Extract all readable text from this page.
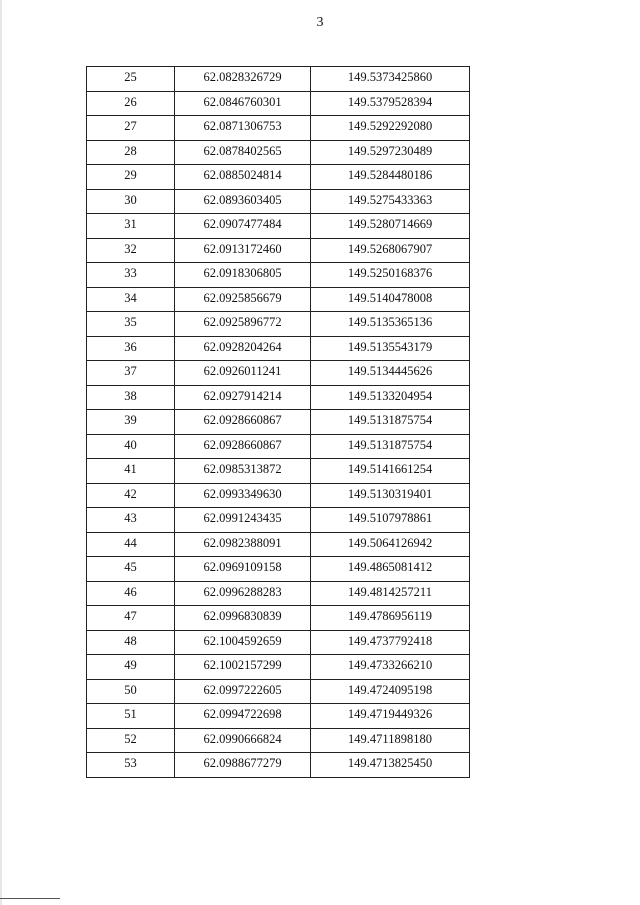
3
25	62.0828326729	149.5373425860
26	62.0846760301	149.5379528394
27	62.0871306753	149.5292292080
28	62.0878402565	149.5297230489
29	62.0885024814	149.5284480186
30	62.0893603405	149.5275433363
31	62.0907477484	149.5280714669
32	62.0913172460	149.5268067907
33	62.0918306805	149.5250168376
34	62.0925856679	149.5140478008
35	62.0925896772	149.5135365136
36	62.0928204264	149.5135543179
37	62.0926011241	149.5134445626
38	62.0927914214	149.5133204954
39	62.0928660867	149.5131875754
40	62.0928660867	149.5131875754
41	62.0985313872	149.5141661254
42	62.0993349630	149.5130319401
43	62.0991243435	149.5107978861
44	62.0982388091	149.5064126942
45	62.0969109158	149.4865081412
46	62.0996288283	149.4814257211
47	62.0996830839	149.4786956119
48	62.1004592659	149.4737792418
49	62.1002157299	149.4733266210
50	62.0997222605	149.4724095198
51	62.0994722698	149.4719449326
52	62.0990666824	149.4711898180
53	62.0988677279	149.4713825450
